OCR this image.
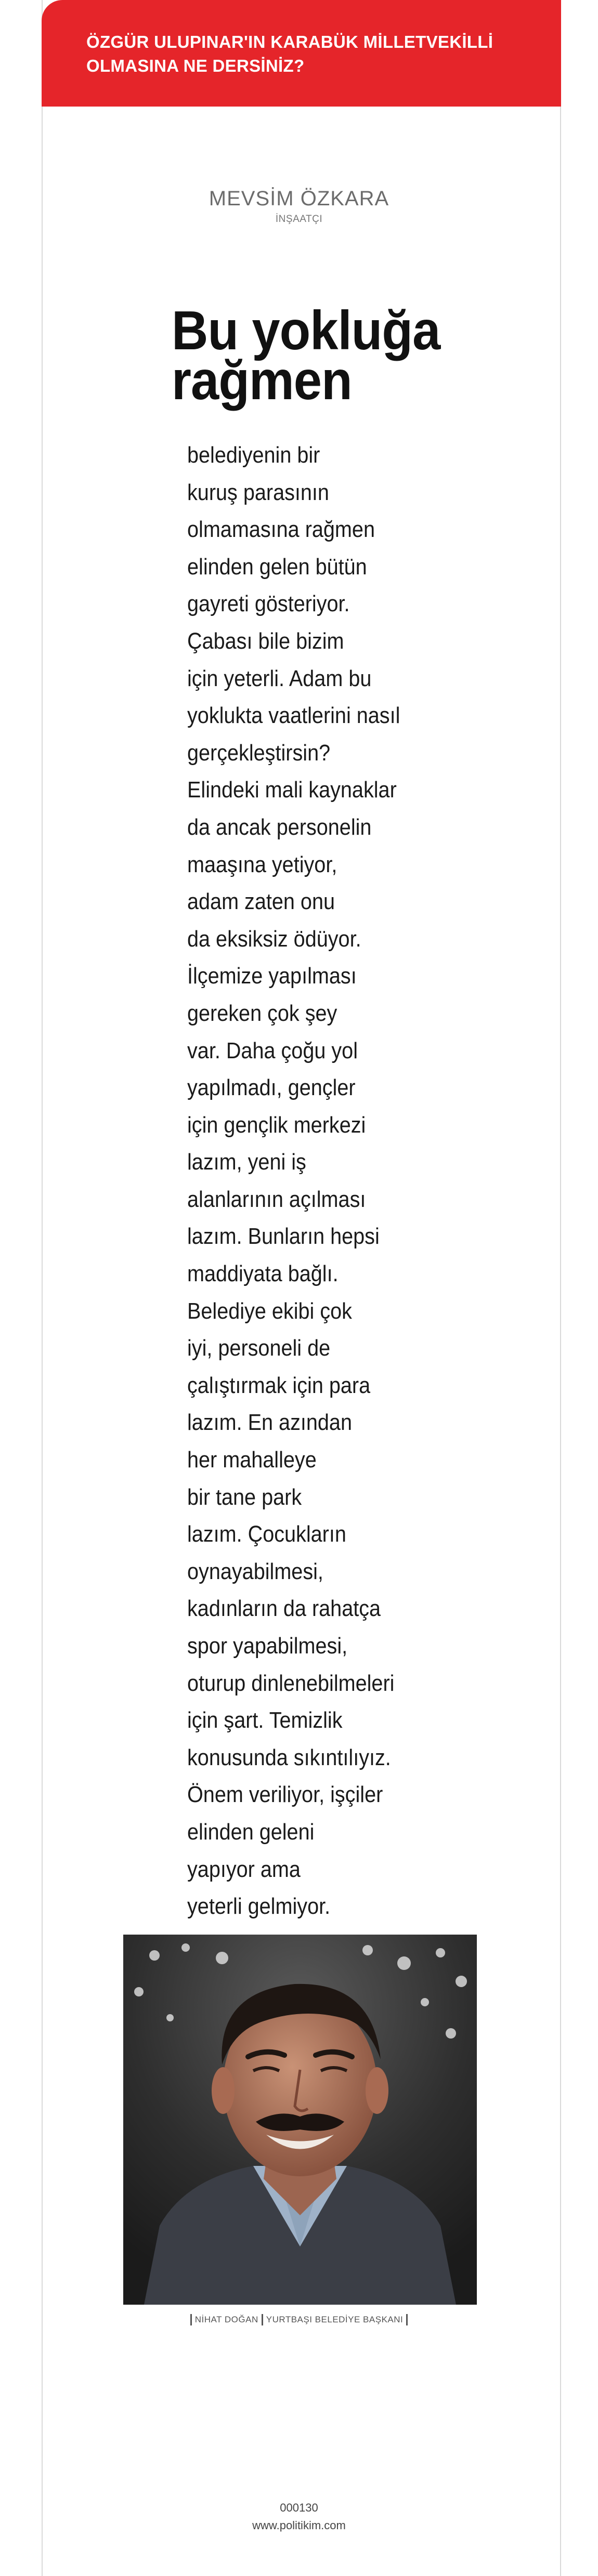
ÖZGÜR ULUPINAR'IN KARABÜK MİLLETVEKİLLİ
OLMASINA NE DERSİNİZ?
MEVSİM ÖZKARA
İNŞAATÇI
Bu yokluğa
rağmen
belediyenin bir
kuruş parasının
olmamasına rağmen
elinden gelen bütün
gayreti gösteriyor.
Çabası bile bizim
için yeterli. Adam bu
yoklukta vaatlerini nasıl
gerçekleştirsin?
Elindeki mali kaynaklar
da ancak personelin
maaşına yetiyor,
adam zaten onu
da eksiksiz ödüyor.
İlçemize yapılması
gereken çok şey
var. Daha çoğu yol
yapılmadı, gençler
için gençlik merkezi
lazım, yeni iş
alanlarının açılması
lazım. Bunların hepsi
maddiyata bağlı.
Belediye ekibi çok
iyi, personeli de
çalıştırmak için para
lazım. En azından
her mahalleye
bir tane park
lazım. Çocukların
oynayabilmesi,
kadınların da rahatça
spor yapabilmesi,
oturup dinlenebilmeleri
için şart. Temizlik
konusunda sıkıntılıyız.
Önem veriliyor, işçiler
elinden geleni
yapıyor ama
yeterli gelmiyor.
NİHAT DOĞAN YURTBAŞI BELEDİYE BAŞKANI
000130
www.politikim.com
